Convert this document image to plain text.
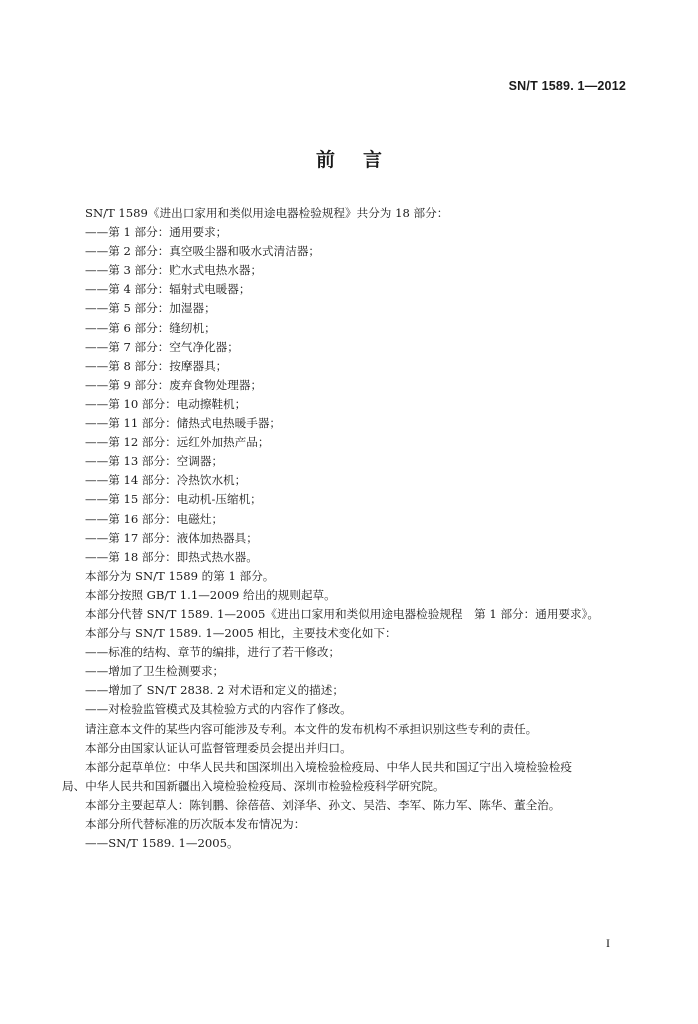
SN/T 1589. 1—2012
前言

SN/T 1589《进出口家用和类似用途电器检验规程》共分为 18 部分：

——第 1 部分：通用要求；

——第 2 部分：真空吸尘器和吸水式清洁器；

——第 3 部分：贮水式电热水器；

——第 4 部分：辐射式电暖器；

——第 5 部分：加湿器；

——第 6 部分：缝纫机；

——第 7 部分：空气净化器；

——第 8 部分：按摩器具；

——第 9 部分：废弃食物处理器；

——第 10 部分：电动擦鞋机；

——第 11 部分：储热式电热暖手器；

——第 12 部分：远红外加热产品；

——第 13 部分：空调器；

——第 14 部分：冷热饮水机；

——第 15 部分：电动机-压缩机；

——第 16 部分：电磁灶；

——第 17 部分：液体加热器具；

——第 18 部分：即热式热水器。

本部分为 SN/T 1589 的第 1 部分。

本部分按照 GB/T 1.1—2009 给出的规则起草。

本部分代替 SN/T 1589. 1—2005《进出口家用和类似用途电器检验规程　第 1 部分：通用要求》。

本部分与 SN/T 1589. 1—2005 相比，主要技术变化如下：

——标准的结构、章节的编排，进行了若干修改；

——增加了卫生检测要求；

——增加了 SN/T 2838. 2 对术语和定义的描述；

——对检验监管模式及其检验方式的内容作了修改。

请注意本文件的某些内容可能涉及专利。本文件的发布机构不承担识别这些专利的责任。

本部分由国家认证认可监督管理委员会提出并归口。

本部分起草单位：中华人民共和国深圳出入境检验检疫局、中华人民共和国辽宁出入境检验检疫

局、中华人民共和国新疆出入境检验检疫局、深圳市检验检疫科学研究院。

本部分主要起草人：陈钊鹏、徐蓓蓓、刘泽华、孙文、吴浩、李军、陈力军、陈华、董全治。

本部分所代替标准的历次版本发布情况为：

——SN/T 1589. 1—2005。

I
